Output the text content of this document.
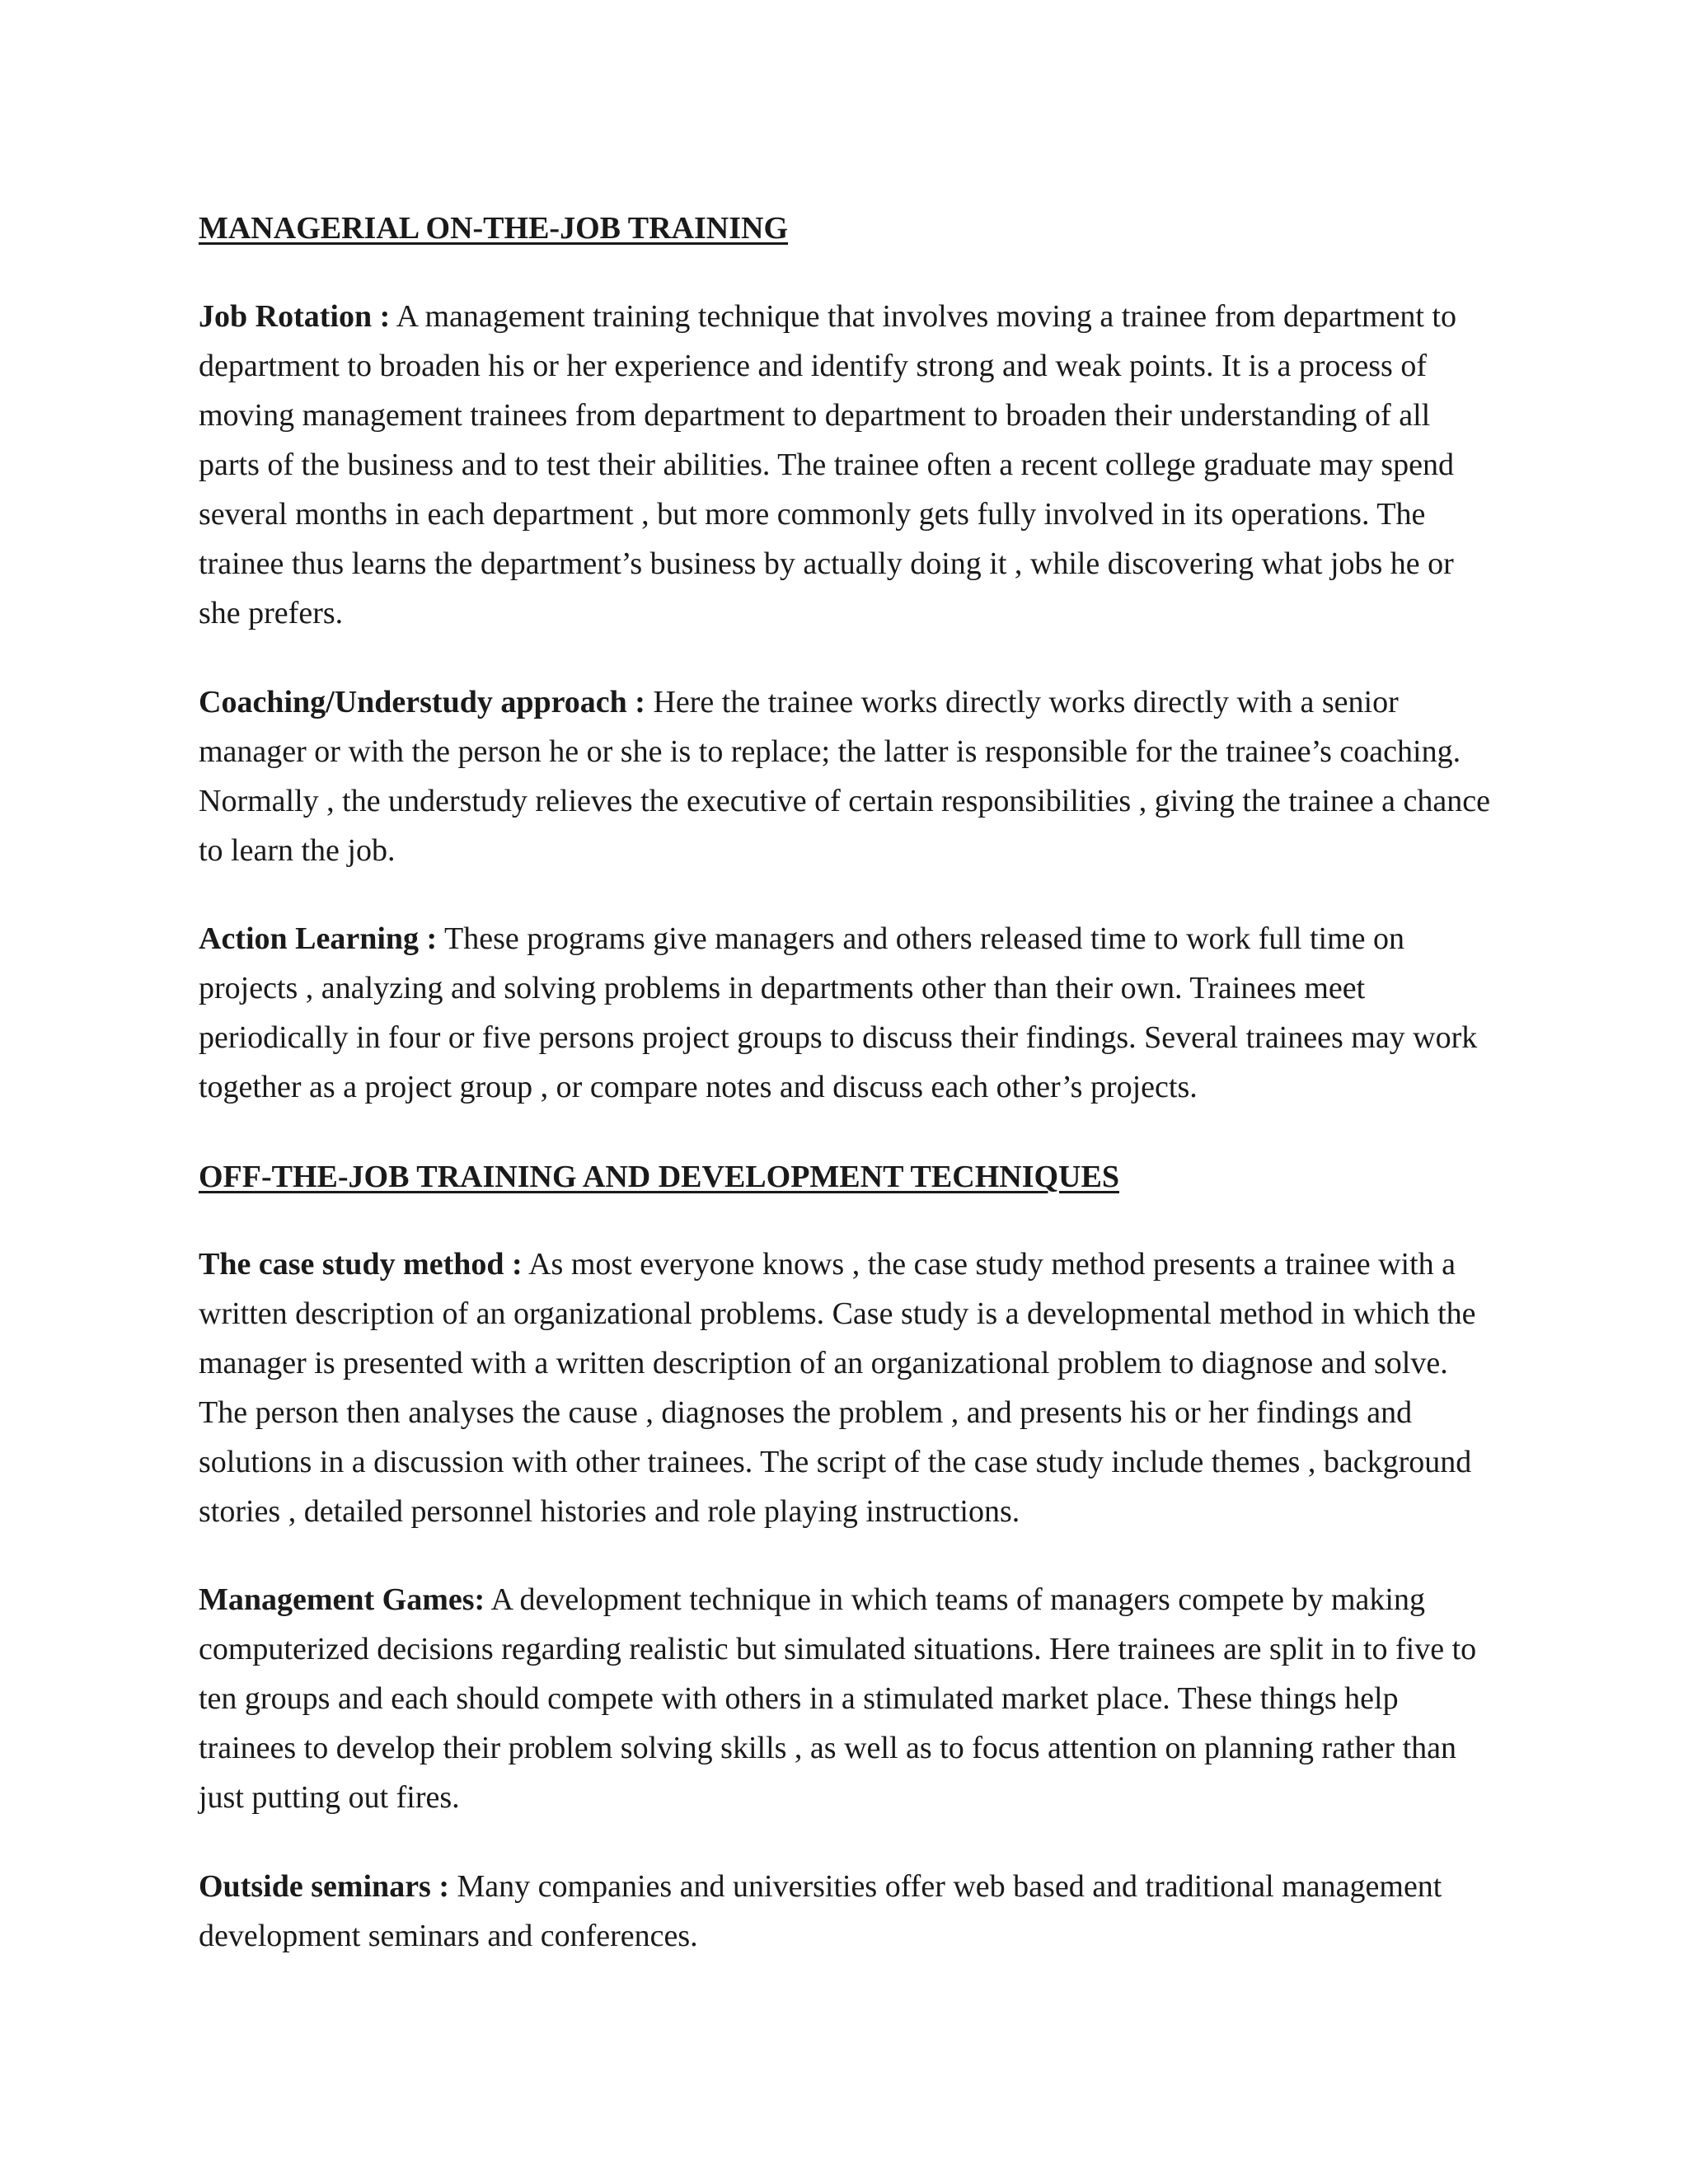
MANAGERIAL ON-THE-JOB TRAINING

Job Rotation : A management training technique that involves moving a trainee from department to department to broaden his or her experience and identify strong and weak points. It is a process of moving management trainees from department to department to broaden their understanding of all parts of the business and to test their abilities. The trainee often a recent college graduate may spend several months in each department , but more commonly gets fully involved in its operations. The trainee thus learns the department’s business by actually doing it , while discovering what jobs he or she prefers.

Coaching/Understudy approach : Here the trainee works directly works directly with a senior manager or with the person he or she is to replace; the latter is responsible for the trainee’s coaching. Normally , the understudy relieves the executive of certain responsibilities , giving the trainee a chance to learn the job.

Action Learning : These programs give managers and others released time to work full time on projects , analyzing and solving problems in departments other than their own. Trainees meet periodically in four or five persons project groups to discuss their findings. Several trainees may work together as a project group , or compare notes and discuss each other’s projects.

OFF-THE-JOB TRAINING AND DEVELOPMENT TECHNIQUES

The case study method : As most everyone knows , the case study method presents a trainee with a written description of an organizational problems. Case study is a developmental method in which the manager is presented with a written description of an organizational problem to diagnose and solve. The person then analyses the cause , diagnoses the problem , and presents his or her findings and solutions in a discussion with other trainees. The script of the case study include themes , background stories , detailed personnel histories and role playing instructions.

Management Games: A development technique in which teams of managers compete by making computerized decisions regarding realistic but simulated situations. Here trainees are split in to five to ten groups and each should compete with others in a stimulated market place. These things help trainees to develop their problem solving skills , as well as to focus attention on planning rather than just putting out fires.

Outside seminars : Many companies and universities offer web based and traditional management development seminars and conferences.
